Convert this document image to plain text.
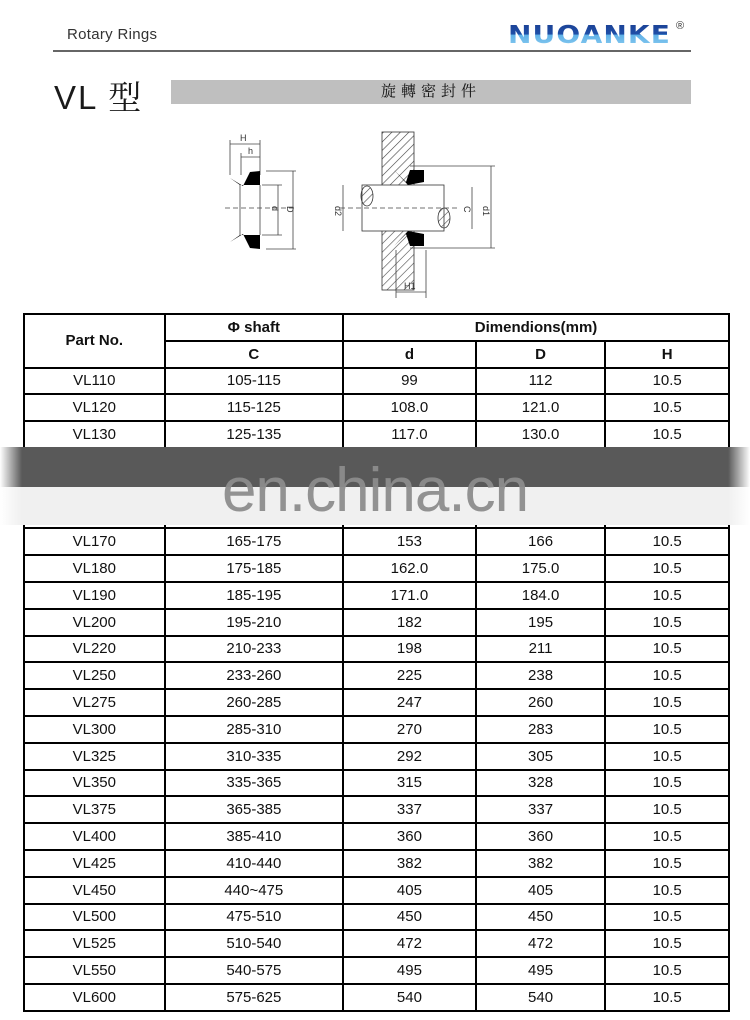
Rotary Rings	NUOANKE ®
VL 型	旋轉密封件
H
h
d D	d2	C d1
H1
Part No.	Φ shaft	Dimendions(mm)		
	C	d	D	H
VL110	105-115	99	112	10.5
VL120	115-125	108.0	121.0	10.5
VL130	125-135	117.0	130.0	10.5

VL170	165-175	153	166	10.5
VL180	175-185	162.0	175.0	10.5
VL190	185-195	171.0	184.0	10.5
VL200	195-210	182	195	10.5
VL220	210-233	198	211	10.5
VL250	233-260	225	238	10.5
VL275	260-285	247	260	10.5
VL300	285-310	270	283	10.5
VL325	310-335	292	305	10.5
VL350	335-365	315	328	10.5
VL375	365-385	337	337	10.5
VL400	385-410	360	360	10.5
VL425	410-440	382	382	10.5
VL450	440~475	405	405	10.5
VL500	475-510	450	450	10.5
VL525	510-540	472	472	10.5
VL550	540-575	495	495	10.5
VL600	575-625	540	540	10.5
en.china.cn
